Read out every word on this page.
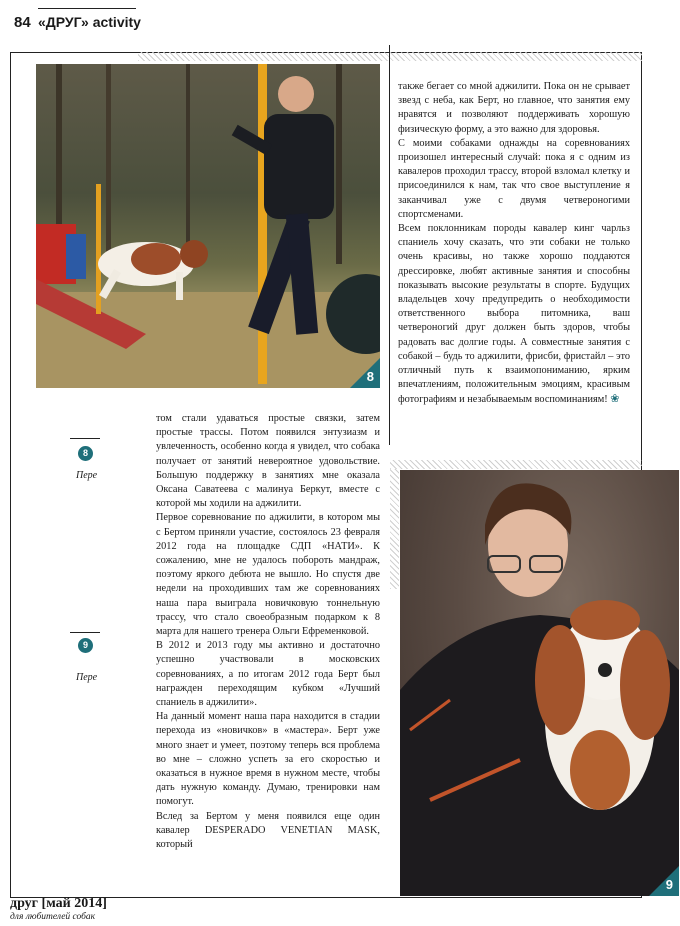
84 «ДРУГ» activity
8
9

также бегает со мной аджилити. Пока он не срывает звезд с неба, как Берт, но главное, что занятия ему нравятся и позволяют поддерживать хорошую физическую форму, а это важно для здоровья.

С моими собаками однажды на соревнованиях произошел интересный случай: пока я с одним из кавалеров проходил трассу, второй взломал клетку и присоединился к нам, так что свое выступление я заканчивал уже с двумя четвероногими спортсменами.

Всем поклонникам породы кавалер кинг чарльз спаниель хочу сказать, что эти собаки не только очень красивы, но также хорошо поддаются дрессировке, любят активные занятия и способны показывать высокие результаты в спорте. Будущих владельцев хочу предупредить о необходимости ответственного выбора питомника, ваш четвероногий друг должен быть здоров, чтобы радовать вас долгие годы. А совместные занятия с собакой – будь то аджилити, фрисби, фристайл – это отличный путь к взаимопониманию, ярким впечатлениям, положительным эмоциям, красивым фотографиям и незабываемым воспоминаниям! ❀

том стали удаваться простые связки, затем простые трассы. Потом появился энтузиазм и увлеченность, особенно когда я увидел, что собака получает от занятий невероятное удовольствие. Большую поддержку в занятиях мне оказала Оксана Саватеева с малинуа Беркут, вместе с которой мы ходили на аджилити.

Первое соревнование по аджилити, в котором мы с Бертом приняли участие, состоялось 23 февраля 2012 года на площадке СДП «НАТИ». К сожалению, мне не удалось побороть мандраж, поэтому яркого дебюта не вышло. Но спустя две недели на проходивших там же соревнованиях наша пара выиграла новичковую тоннельную трассу, что стало своеобразным подарком к 8 марта для нашего тренера Ольги Ефременковой.

В 2012 и 2013 году мы активно и достаточно успешно участвовали в московских соревнованиях, а по итогам 2012 года Берт был награжден переходящим кубком «Лучший спаниель в аджилити».

На данный момент наша пара находится в стадии перехода из «новичков» в «мастера». Берт уже много знает и умеет, поэтому теперь вся проблема во мне – сложно успеть за его скоростью и оказаться в нужное время в нужном месте, чтобы дать нужную команду. Думаю, тренировки нам помогут.

Вслед за Бертом у меня появился еще один кавалер DESPERADO VENETIAN MASK, который

8
Пере
9
Пере
друг [май 2014]
для любителей собак
